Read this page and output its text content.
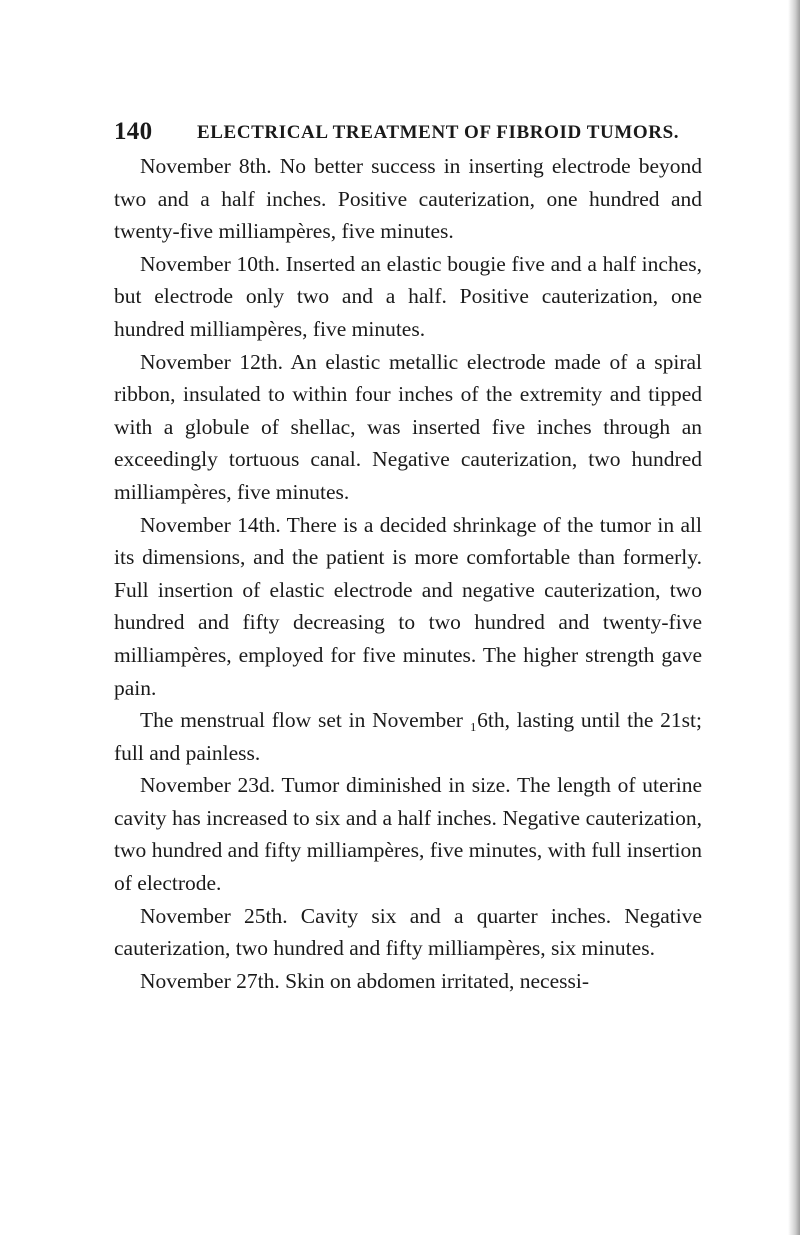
140 ELECTRICAL TREATMENT OF FIBROID TUMORS.

November 8th. No better success in inserting electrode beyond two and a half inches. Positive cauterization, one hundred and twenty-five milliampères, five minutes.

November 10th. Inserted an elastic bougie five and a half inches, but electrode only two and a half. Positive cauterization, one hundred milliampères, five minutes.

November 12th. An elastic metallic electrode made of a spiral ribbon, insulated to within four inches of the extremity and tipped with a globule of shellac, was inserted five inches through an exceedingly tortuous canal. Negative cauterization, two hundred milliampères, five minutes.

November 14th. There is a decided shrinkage of the tumor in all its dimensions, and the patient is more comfortable than formerly. Full insertion of elastic electrode and negative cauterization, two hundred and fifty decreasing to two hundred and twenty-five milliampères, employed for five minutes. The higher strength gave pain.

The menstrual flow set in November ₁6th, lasting until the 21st; full and painless.

November 23d. Tumor diminished in size. The length of uterine cavity has increased to six and a half inches. Negative cauterization, two hundred and fifty milliampères, five minutes, with full insertion of electrode.

November 25th. Cavity six and a quarter inches. Negative cauterization, two hundred and fifty milliampères, six minutes.

November 27th. Skin on abdomen irritated, necessi-
